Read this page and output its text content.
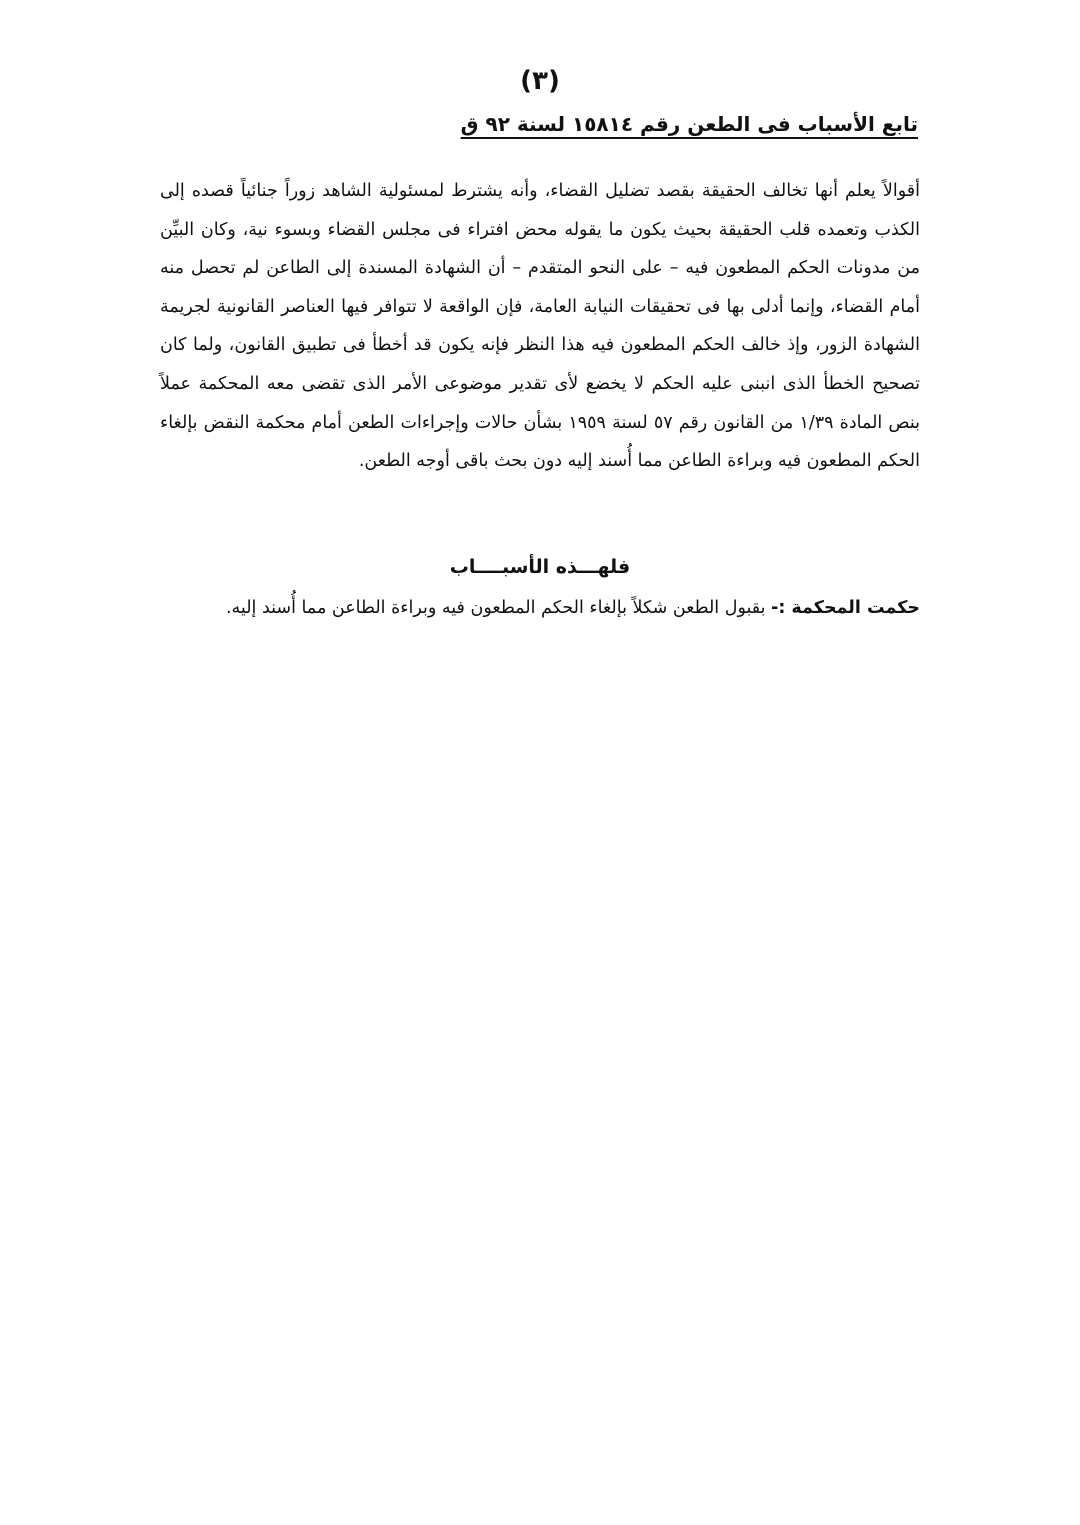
(٣)
تابع الأسباب فى الطعن رقم ١٥٨١٤ لسنة ٩٢ ق

أقوالاً يعلم أنها تخالف الحقيقة بقصد تضليل القضاء، وأنه يشترط لمسئولية الشاهد زوراً جنائياً قصده إلى الكذب وتعمده قلب الحقيقة بحيث يكون ما يقوله محض افتراء فى مجلس القضاء وبسوء نية، وكان البيِّن من مدونات الحكم المطعون فيه – على النحو المتقدم – أن الشهادة المسندة إلى الطاعن لم تحصل منه أمام القضاء، وإنما أدلى بها فى تحقيقات النيابة العامة، فإن الواقعة لا تتوافر فيها العناصر القانونية لجريمة الشهادة الزور، وإذ خالف الحكم المطعون فيه هذا النظر فإنه يكون قد أخطأ فى تطبيق القانون، ولما كان تصحيح الخطأ الذى انبنى عليه الحكم لا يخضع لأى تقدير موضوعى الأمر الذى تقضى معه المحكمة عملاً بنص المادة ١/٣٩ من القانون رقم ٥٧ لسنة ١٩٥٩ بشأن حالات وإجراءات الطعن أمام محكمة النقض بإلغاء الحكم المطعون فيه وبراءة الطاعن مما أُسند إليه دون بحث باقى أوجه الطعن.

فلهـــذه الأسبــــاب
حكمت المحكمة :- بقبول الطعن شكلاً بإلغاء الحكم المطعون فيه وبراءة الطاعن مما أُسند إليه.
